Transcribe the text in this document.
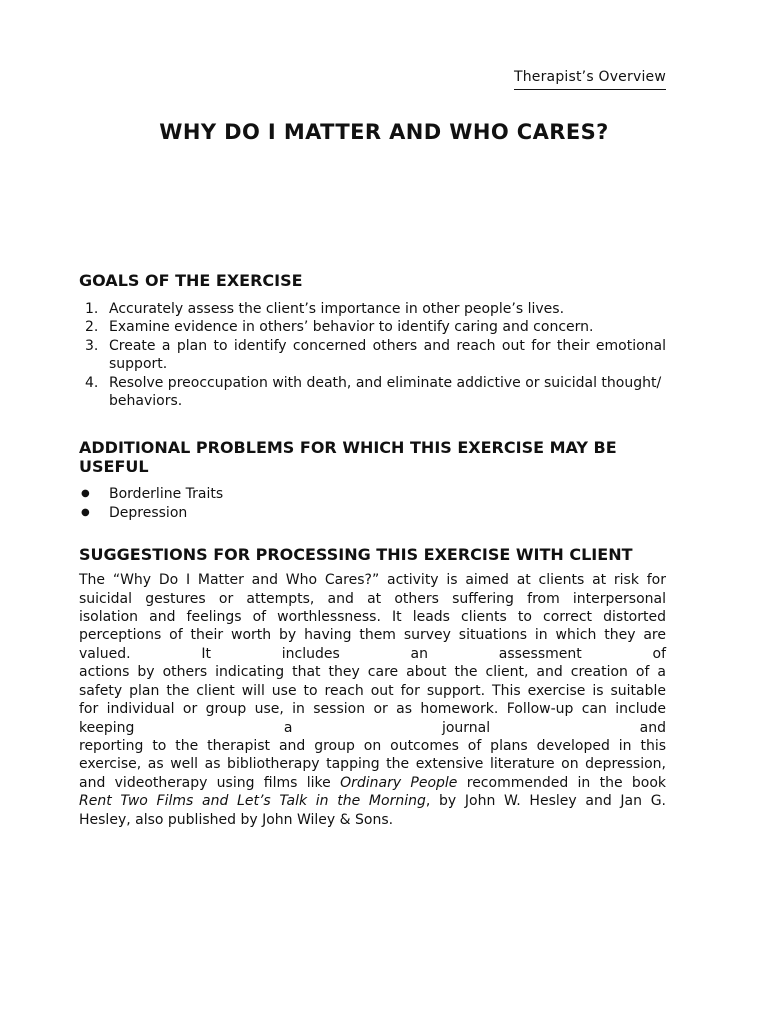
Therapist’s Overview
WHY DO I MATTER AND WHO CARES?
GOALS OF THE EXERCISE
1. Accurately assess the client’s importance in other people’s lives.
2. Examine evidence in others’ behavior to identify caring and concern.
3. Create a plan to identify concerned others and reach out for their emotional support.
4. Resolve preoccupation with death, and eliminate addictive or suicidal thought/
behaviors.
ADDITIONAL PROBLEMS FOR WHICH THIS EXERCISE MAY BE USEFUL
● Borderline Traits
● Depression
SUGGESTIONS FOR PROCESSING THIS EXERCISE WITH CLIENT

The “Why Do I Matter and Who Cares?” activity is aimed at clients at risk for
suicidal gestures or attempts, and at others suffering from interpersonal
isolation and feelings of worthlessness. It leads clients to correct distorted
perceptions of their worth by having them survey situations in which they are
valued. It includes an assessment of
actions by others indicating that they care about the client, and creation of a
safety plan the client will use to reach out for support. This exercise is suitable
for individual or group use, in session or as homework. Follow-up can include
keeping a journal and
reporting to the therapist and group on outcomes of plans developed in this
exercise, as well as bibliotherapy tapping the extensive literature on depression,
and videotherapy using films like Ordinary People recommended in the book
Rent Two Films and Let’s Talk in the Morning, by John W. Hesley and Jan G.
Hesley, also published by John Wiley & Sons.
